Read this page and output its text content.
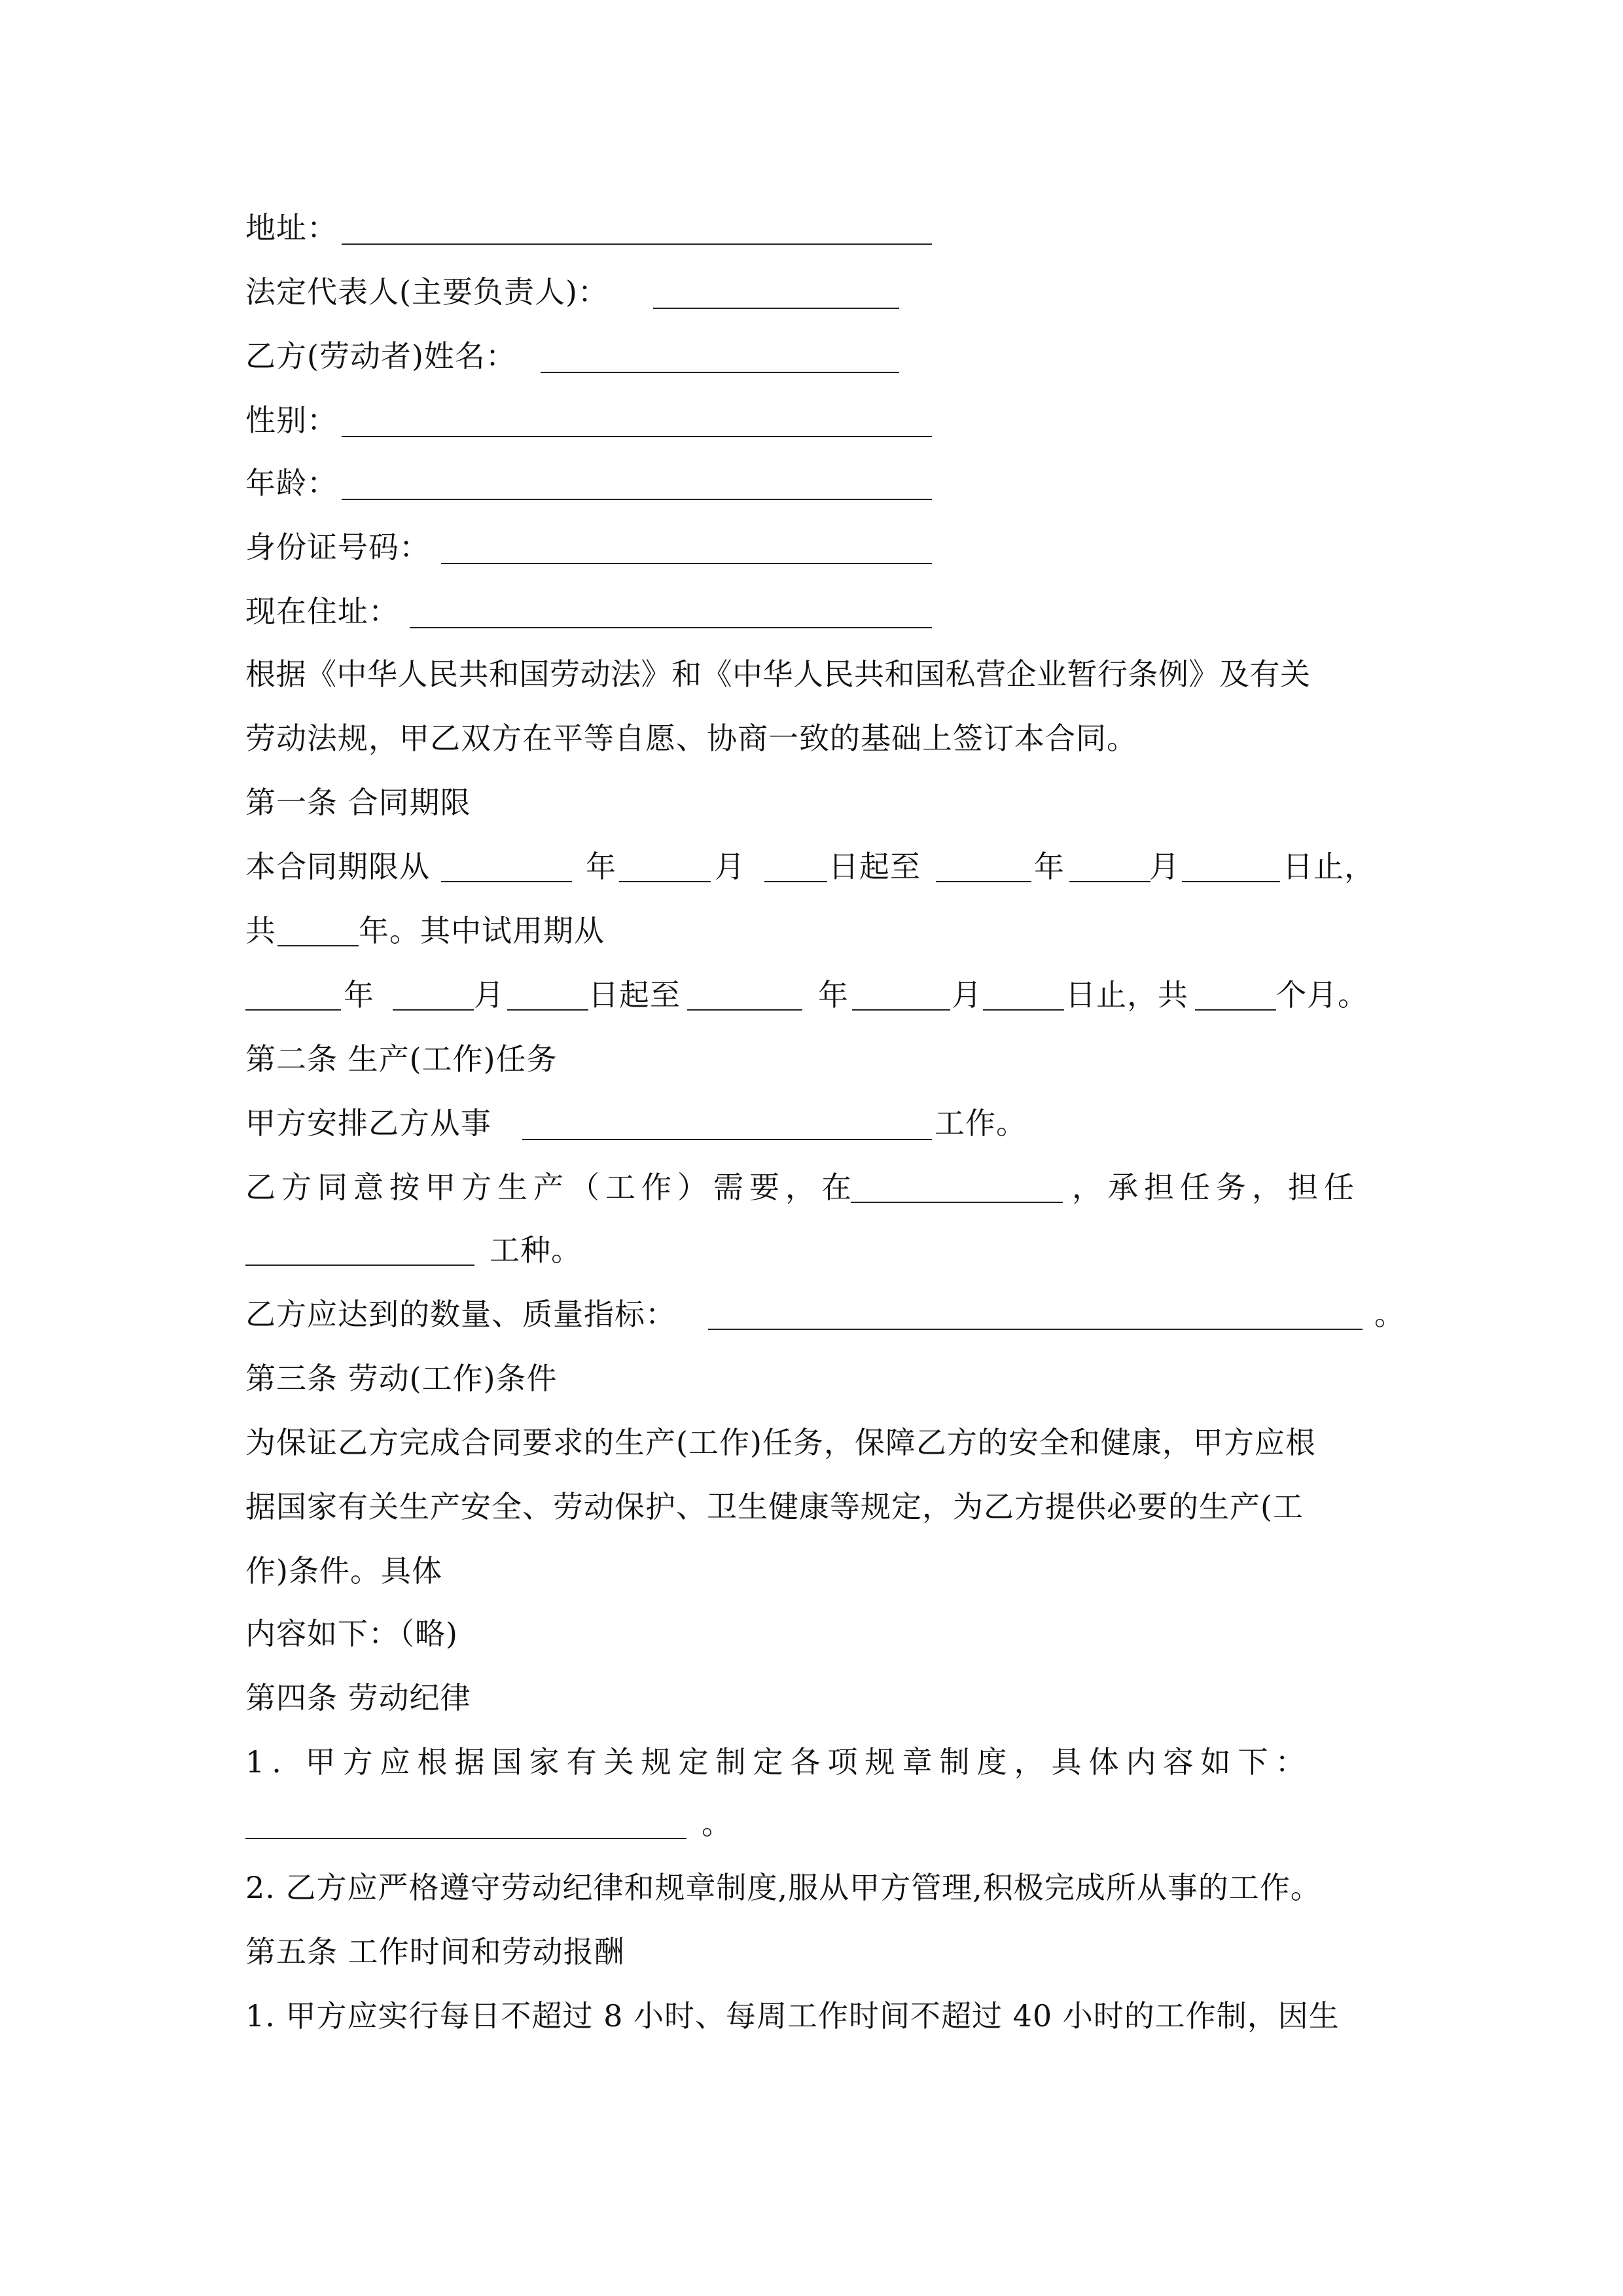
地址：
法定代表人(主要负责人)：
乙方(劳动者)姓名：
性别：
年龄：
身份证号码：
现在住址：
根据《中华人民共和国劳动法》和《中华人民共和国私营企业暂行条例》及有关
劳动法规，甲乙双方在平等自愿、协商一致的基础上签订本合同。
第一条 合同期限
本合同期限从	年	月	日起至	年	月	日止，
共	年。其中试用期从
年	月	日起至	年	月	日止，共	个月。
第二条 生产(工作)任务
甲方安排乙方从事	工作。
乙方同意按甲方生产（工作）需要，在	，承担任务，担任
工种。
乙方应达到的数量、质量指标：	。
第三条 劳动(工作)条件
为保证乙方完成合同要求的生产(工作)任务，保障乙方的安全和健康，甲方应根
据国家有关生产安全、劳动保护、卫生健康等规定，为乙方提供必要的生产(工
作)条件。具体
内容如下：（略)
第四条 劳动纪律
1. 甲方应根据国家有关规定制定各项规章制度，具体内容如下：
。
2. 乙方应严格遵守劳动纪律和规章制度,服从甲方管理,积极完成所从事的工作。
第五条 工作时间和劳动报酬
1. 甲方应实行每日不超过 8 小时、每周工作时间不超过 40 小时的工作制，因生
